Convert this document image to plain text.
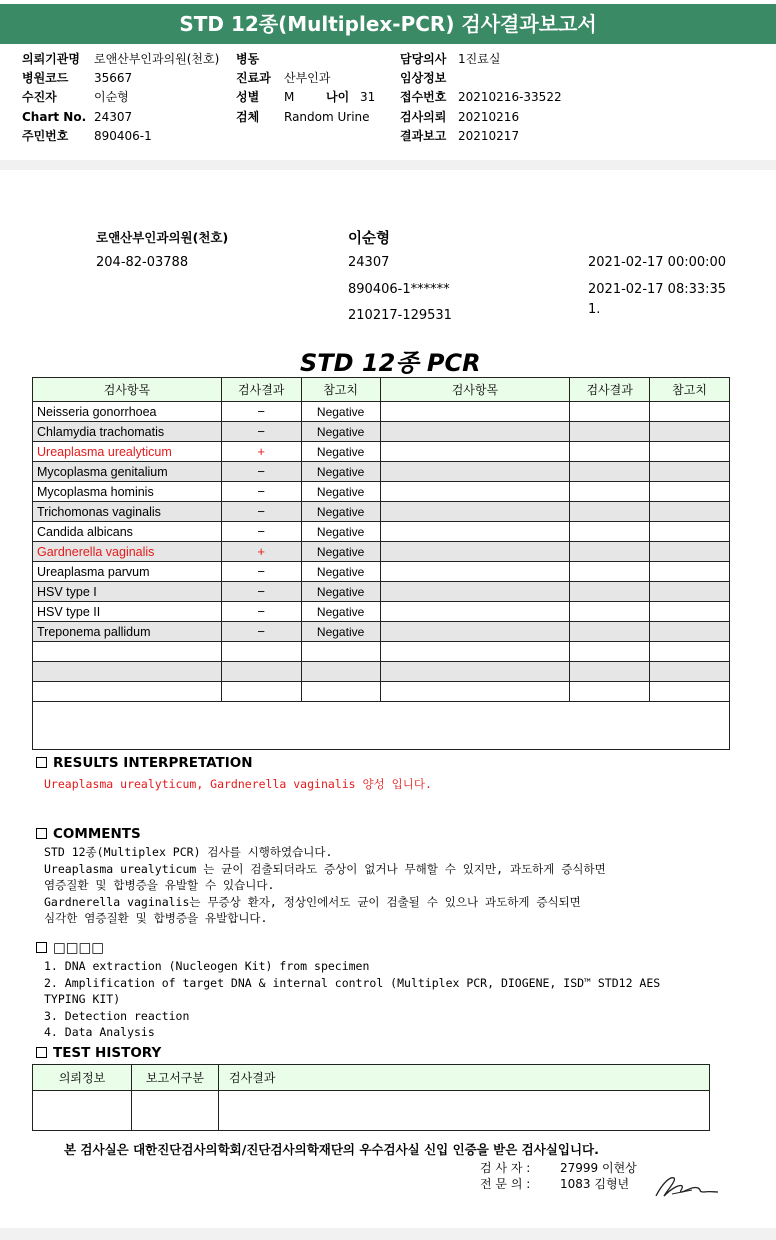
STD 12종(Multiplex-PCR) 검사결과보고서
의뢰기관명 로앤산부인과의원(천호) 병동	담당의사 1진료실
병원코드 35667	진료과 산부인과	임상정보
수진자	이순형	성별 M	나이 31 접수번호 20210216-33522
Chart No. 24307	검체 Random Urine	검사의뢰 20210216
주민번호 890406-1	결과보고 20210217
로앤산부인과의원(천호)
204-82-03788
이순형
24307
890406-1******
210217-129531
2021-02-17 00:00:00
2021-02-17 08:33:35
1.
STD 12종 PCR
검사항목	검사결과	참고치	검사항목	검사결과	참고치
Neisseria gonorrhoea	−	Negative			
Chlamydia trachomatis	−	Negative			
Ureaplasma urealyticum	+	Negative			
Mycoplasma genitalium	−	Negative			
Mycoplasma hominis	−	Negative			
Trichomonas vaginalis	−	Negative			
Candida albicans	−	Negative			
Gardnerella vaginalis	+	Negative			
Ureaplasma parvum	−	Negative			
HSV type I	−	Negative			
HSV type II	−	Negative			
Treponema pallidum	−	Negative			

RESULTS INTERPRETATION
Ureaplasma urealyticum, Gardnerella vaginalis 양성 입니다.
COMMENTS
STD 12종(Multiplex PCR) 검사를 시행하였습니다.
Ureaplasma urealyticum 는 균이 검출되더라도 증상이 없거나 무해할 수 있지만, 과도하게 증식하면
염증질환 및 합병증을 유발할 수 있습니다.
Gardnerella vaginalis는 무증상 환자, 정상인에서도 균이 검출될 수 있으나 과도하게 증식되면
심각한 염증질환 및 합병증을 유발합니다.
□□□□
1. DNA extraction (Nucleogen Kit) from specimen
2. Amplification of target DNA & internal control (Multiplex PCR, DIOGENE, ISD™ STD12 AES
TYPING KIT)
3. Detection reaction
4. Data Analysis
TEST HISTORY
의뢰정보	보고서구분	검사결과

본 검사실은 대한진단검사의학회/진단검사의학재단의 우수검사실 신입 인증을 받은 검사실입니다.
검 사 자 : 27999 이현상
전 문 의 : 1083 김형년
